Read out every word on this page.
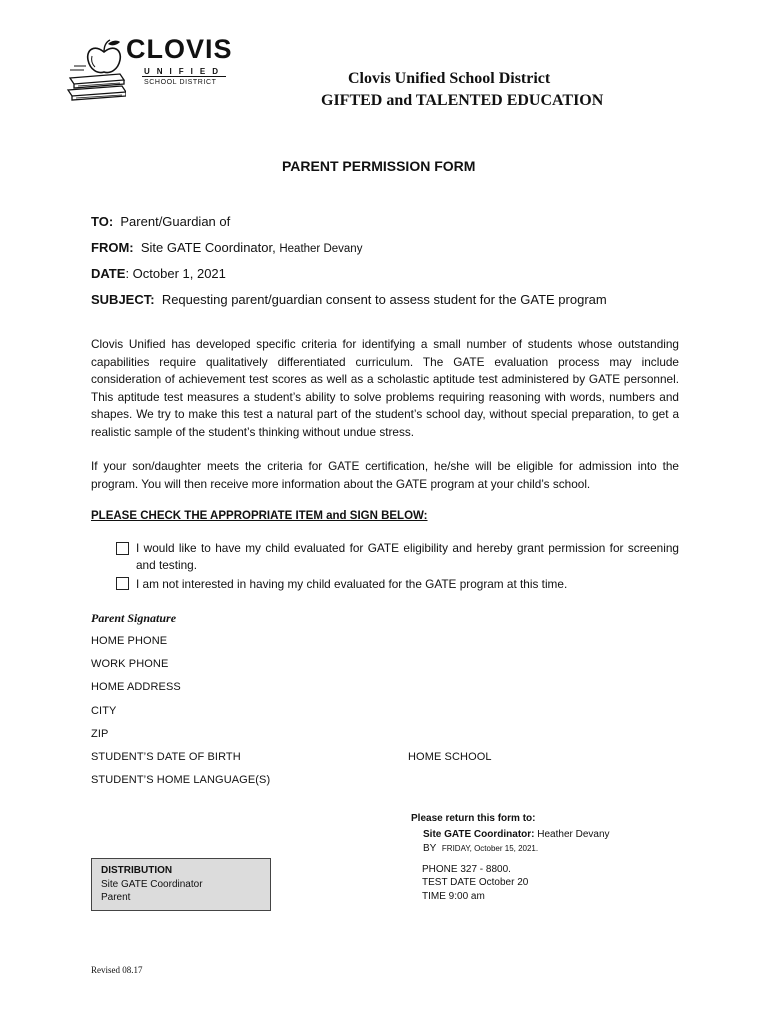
CLOVIS
UNIFIED
SCHOOL DISTRICT	Clovis Unified School District
GIFTED and TALENTED EDUCATION
PARENT PERMISSION FORM
TO: Parent/Guardian of
FROM: Site GATE Coordinator, Heather Devany
DATE: October 1, 2021
SUBJECT: Requesting parent/guardian consent to assess student for the GATE program
Clovis Unified has developed specific criteria for identifying a small number of students whose outstanding capabilities require qualitatively differentiated curriculum. The GATE evaluation process may include consideration of achievement test scores as well as a scholastic aptitude test administered by GATE personnel. This aptitude test measures a student’s ability to solve problems requiring reasoning with words, numbers and shapes. We try to make this test a natural part of the student’s school day, without special preparation, to get a realistic sample of the student’s thinking without undue stress.
If your son/daughter meets the criteria for GATE certification, he/she will be eligible for admission into the program. You will then receive more information about the GATE program at your child’s school.
PLEASE CHECK THE APPROPRIATE ITEM and SIGN BELOW:
I would like to have my child evaluated for GATE eligibility and hereby grant permission for screening and testing.
I am not interested in having my child evaluated for the GATE program at this time.
Parent Signature
HOME PHONE
WORK PHONE
HOME ADDRESS
CITY
ZIP
STUDENT’S DATE OF BIRTH	HOME SCHOOL
STUDENT’S HOME LANGUAGE(S)
Please return this form to:
Site GATE Coordinator: Heather Devany
BY FRIDAY, October 15, 2021.
PHONE 327 - 8800.
TEST DATE October 20
TIME 9:00 am
DISTRIBUTION
Site GATE Coordinator
Parent
Revised 08.17
